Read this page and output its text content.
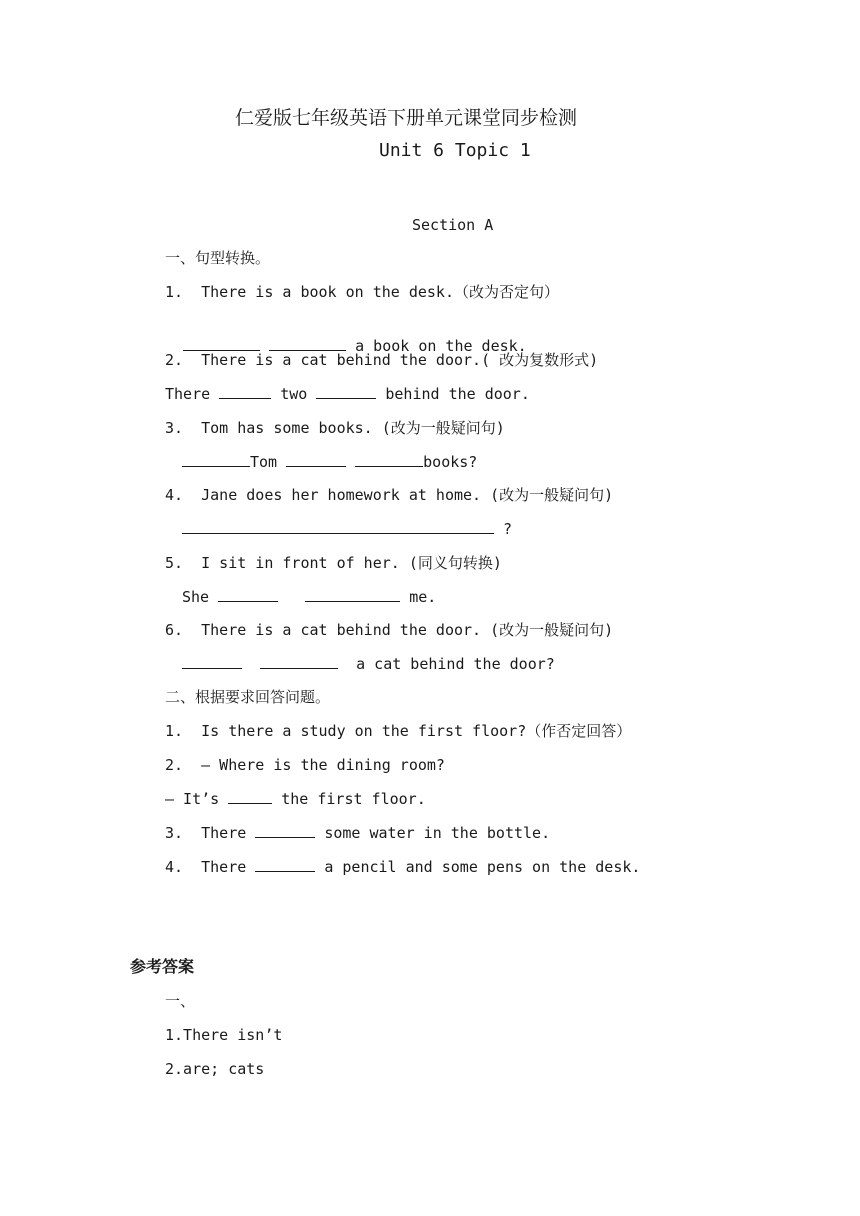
仁爱版七年级英语下册单元课堂同步检测
Unit 6 Topic 1
Section A
一、句型转换。
1.  There is a book on the desk.（改为否定句）

a book on the desk.

2.  There is a cat behind the door.( 改为复数形式)
There	two	behind the door.
3.  Tom has some books. (改为一般疑问句)
Tom	books?
4.  Jane does her homework at home. (改为一般疑问句)
?
5.  I sit in front of her. (同义句转换)
She	me.
6.  There is a cat behind the door. (改为一般疑问句)
a cat behind the door?
二、根据要求回答问题。
1.  Is there a study on the first floor?（作否定回答）
2.  — Where is the dining room?
— It’s	the first floor.
3.  There	some water in the bottle.
4.  There	a pencil and some pens on the desk.
参考答案
一、
1.There isn’t
2.are; cats
